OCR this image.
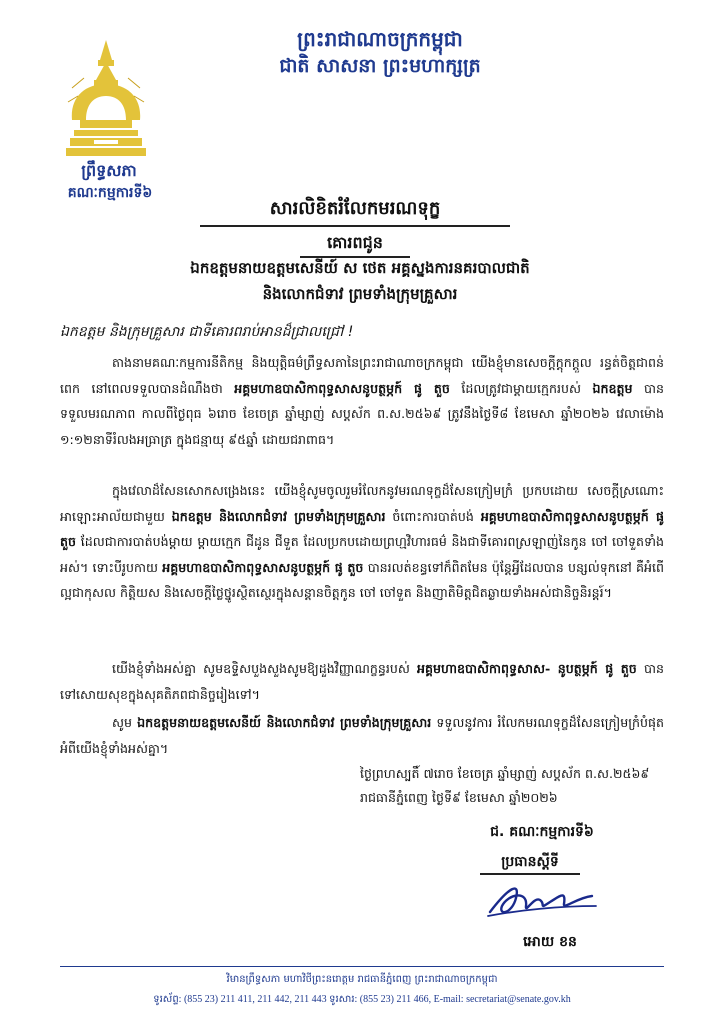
ព្រះរាជាណាចក្រកម្ពុជា
ជាតិ សាសនា ព្រះមហាក្សត្រ
ព្រឹទ្ធសភា
គណៈកម្មការទី៦
សារលិខិតរំលែកមរណទុក្ខ
គោរពជូន
ឯកឧត្តមនាយឧត្តមសេនីយ៍ ស ថេត អគ្គស្នងការនគរបាលជាតិ
និងលោកជំទាវ ព្រមទាំងក្រុមគ្រួសារ
ឯកឧត្តម និងក្រុមគ្រួសារ ជាទីគោរពរាប់អានដ៏ជ្រាលជ្រៅ !
តាងនាមគណៈកម្មការនីតិកម្ម និងយុត្តិធម៌ព្រឹទ្ធសភានៃព្រះរាជាណាចក្រកម្ពុជា យើងខ្ញុំមានសេចក្តីក្តុកក្តួល រន្ធត់ចិត្តជាពន់ពេក នៅពេលទទួលបានដំណឹងថា អគ្គមហាឧបាសិកាពុទ្ធសាសនូបត្ថម្ភក៍ ផូ តួច ដែលត្រូវជាម្ដាយក្មេករបស់ ឯកឧត្តម បានទទួលមរណភាព កាលពីថ្ងៃពុធ ៦រោច ខែចេត្រ ឆ្នាំម្សាញ់ សប្តស័ក ព.ស.២៥៦៩ ត្រូវនឹងថ្ងៃទី៨ ខែមេសា ឆ្នាំ២០២៦ វេលាម៉ោង ១:១២នាទីរំលងអធ្រាត្រ ក្នុងជន្មាយុ ៩៥ឆ្នាំ ដោយជរាពាធ។
ក្នុងវេលាដ៏សែនសោកសង្រេងនេះ យើងខ្ញុំសូមចូលរួមរំលែកនូវមរណទុក្ខដ៏សែនក្រៀមក្រំ ប្រកបដោយ សេចក្តីស្រណោះអាឡោះអាល័យជាមួយ ឯកឧត្តម និងលោកជំទាវ ព្រមទាំងក្រុមគ្រួសារ ចំពោះការបាត់បង់ អគ្គមហាឧបាសិកាពុទ្ធសាសនូបត្ថម្ភក៍ ផូ តួច ដែលជាការបាត់បង់ម្ដាយ ម្ដាយក្មេក ជីដូន ជីទួត ដែលប្រកបដោយព្រហ្មវិហារធម៌ និងជាទីគោរពស្រឡាញ់នៃកូន ចៅ ចៅទួតទាំងអស់។ ទោះបីរូបកាយ អគ្គមហាឧបាសិកាពុទ្ធសាសនូបត្ថម្ភក៍ ផូ តួច បានរលត់ខន្ធទៅក៏ពិតមែន ប៉ុន្តែអ្វីដែលបាន បន្សល់ទុកនៅ គឺអំពើល្អជាកុសល កិត្តិយស និងសេចក្តីថ្លៃថ្នូរស្ថិតស្ថេរក្នុងសន្តានចិត្តកូន ចៅ ចៅទួត និងញាតិមិត្តជិតឆ្ងាយទាំងអស់ជានិច្ចនិរន្តរ៍។
យើងខ្ញុំទាំងអស់គ្នា សូមឧទ្ទិសបួងសួងសូមឱ្យដួងវិញ្ញាណក្ខន្ធរបស់ អគ្គមហាឧបាសិកាពុទ្ធសាស- នូបត្ថម្ភក៍ ផូ តួច បានទៅសោយសុខក្នុងសុគតិភពជានិច្ចរៀងទៅ។
សូម ឯកឧត្តមនាយឧត្តមសេនីយ៍ និងលោកជំទាវ ព្រមទាំងក្រុមគ្រួសារ ទទួលនូវការ រំលែកមរណទុក្ខដ៏សែនក្រៀមក្រំបំផុតអំពីយើងខ្ញុំទាំងអស់គ្នា។
ថ្ងៃព្រហស្បតិ៍ ៧រោច ខែចេត្រ ឆ្នាំម្សាញ់ សប្តស័ក ព.ស.២៥៦៩
រាជធានីភ្នំពេញ ថ្ងៃទី៩ ខែមេសា ឆ្នាំ២០២៦
ជ. គណៈកម្មការទី៦
ប្រធានស្តីទី
អោយ ខន
វិមានព្រឹទ្ធសភា មហាវិថីព្រះនរោត្តម រាជធានីភ្នំពេញ ព្រះរាជាណាចក្រកម្ពុជា
ទូរស័ព្ទ: (855 23) 211 411, 211 442, 211 443 ទូរសារ: (855 23) 211 466, E-mail: secretariat@senate.gov.kh
